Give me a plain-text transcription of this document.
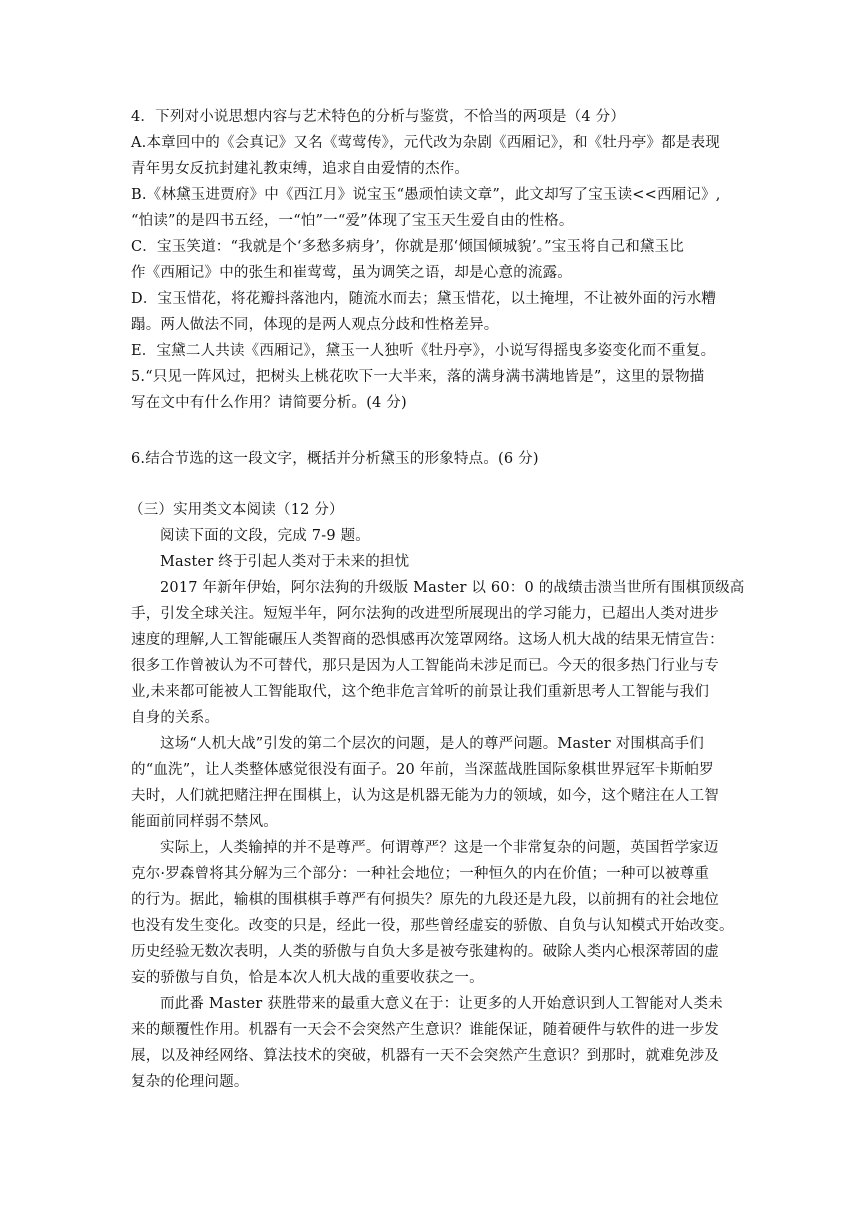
4．下列对小说思想内容与艺术特色的分析与鉴赏，不恰当的两项是（4 分）
A.本章回中的《会真记》又名《莺莺传》，元代改为杂剧《西厢记》，和《牡丹亭》都是表现
青年男女反抗封建礼教束缚，追求自由爱情的杰作。
B.《林黛玉进贾府》中《西江月》说宝玉“愚顽怕读文章”，此文却写了宝玉读<<西厢记》,
“怕读”的是四书五经，一“怕”一“爱”体现了宝玉天生爱自由的性格。
C．宝玉笑道：“我就是个‘多愁多病身’，你就是那‘倾国倾城貌’。”宝玉将自己和黛玉比
作《西厢记》中的张生和崔莺莺，虽为调笑之语，却是心意的流露。
D．宝玉惜花，将花瓣抖落池内，随流水而去；黛玉惜花，以土掩埋，不让被外面的污水糟
蹋。两人做法不同，体现的是两人观点分歧和性格差异。
E．宝黛二人共读《西厢记》，黛玉一人独听《牡丹亭》，小说写得摇曳多姿变化而不重复。
5.“只见一阵风过，把树头上桃花吹下一大半来，落的满身满书满地皆是”，这里的景物描
写在文中有什么作用？请简要分析。(4 分)
6.结合节选的这一段文字，概括并分析黛玉的形象特点。(6 分)
（三）实用类文本阅读（12 分）
阅读下面的文段，完成 7-9 题。
Master 终于引起人类对于未来的担忧
2017 年新年伊始，阿尔法狗的升级版 Master 以 60：0 的战绩击溃当世所有围棋顶级高
手，引发全球关注。短短半年，阿尔法狗的改进型所展现出的学习能力，已超出人类对进步
速度的理解,人工智能碾压人类智商的恐惧感再次笼罩网络。这场人机大战的结果无情宣告：
很多工作曾被认为不可替代，那只是因为人工智能尚未涉足而已。今天的很多热门行业与专
业,未来都可能被人工智能取代，这个绝非危言耸听的前景让我们重新思考人工智能与我们
自身的关系。
这场“人机大战”引发的第二个层次的问题，是人的尊严问题。Master 对围棋高手们
的“血洗”，让人类整体感觉很没有面子。20 年前，当深蓝战胜国际象棋世界冠军卡斯帕罗
夫时，人们就把赌注押在围棋上，认为这是机器无能为力的领域，如今，这个赌注在人工智
能面前同样弱不禁风。
实际上，人类输掉的并不是尊严。何谓尊严？这是一个非常复杂的问题，英国哲学家迈
克尔·罗森曾将其分解为三个部分：一种社会地位；一种恒久的内在价值；一种可以被尊重
的行为。据此，输棋的围棋棋手尊严有何损失？原先的九段还是九段，以前拥有的社会地位
也没有发生变化。改变的只是，经此一役，那些曾经虚妄的骄傲、自负与认知模式开始改变。
历史经验无数次表明，人类的骄傲与自负大多是被夸张建构的。破除人类内心根深蒂固的虚
妄的骄傲与自负，恰是本次人机大战的重要收获之一。
而此番 Master 获胜带来的最重大意义在于：让更多的人开始意识到人工智能对人类未
来的颠覆性作用。机器有一天会不会突然产生意识？谁能保证，随着硬件与软件的进一步发
展，以及神经网络、算法技术的突破，机器有一天不会突然产生意识？到那时，就难免涉及
复杂的伦理问题。
